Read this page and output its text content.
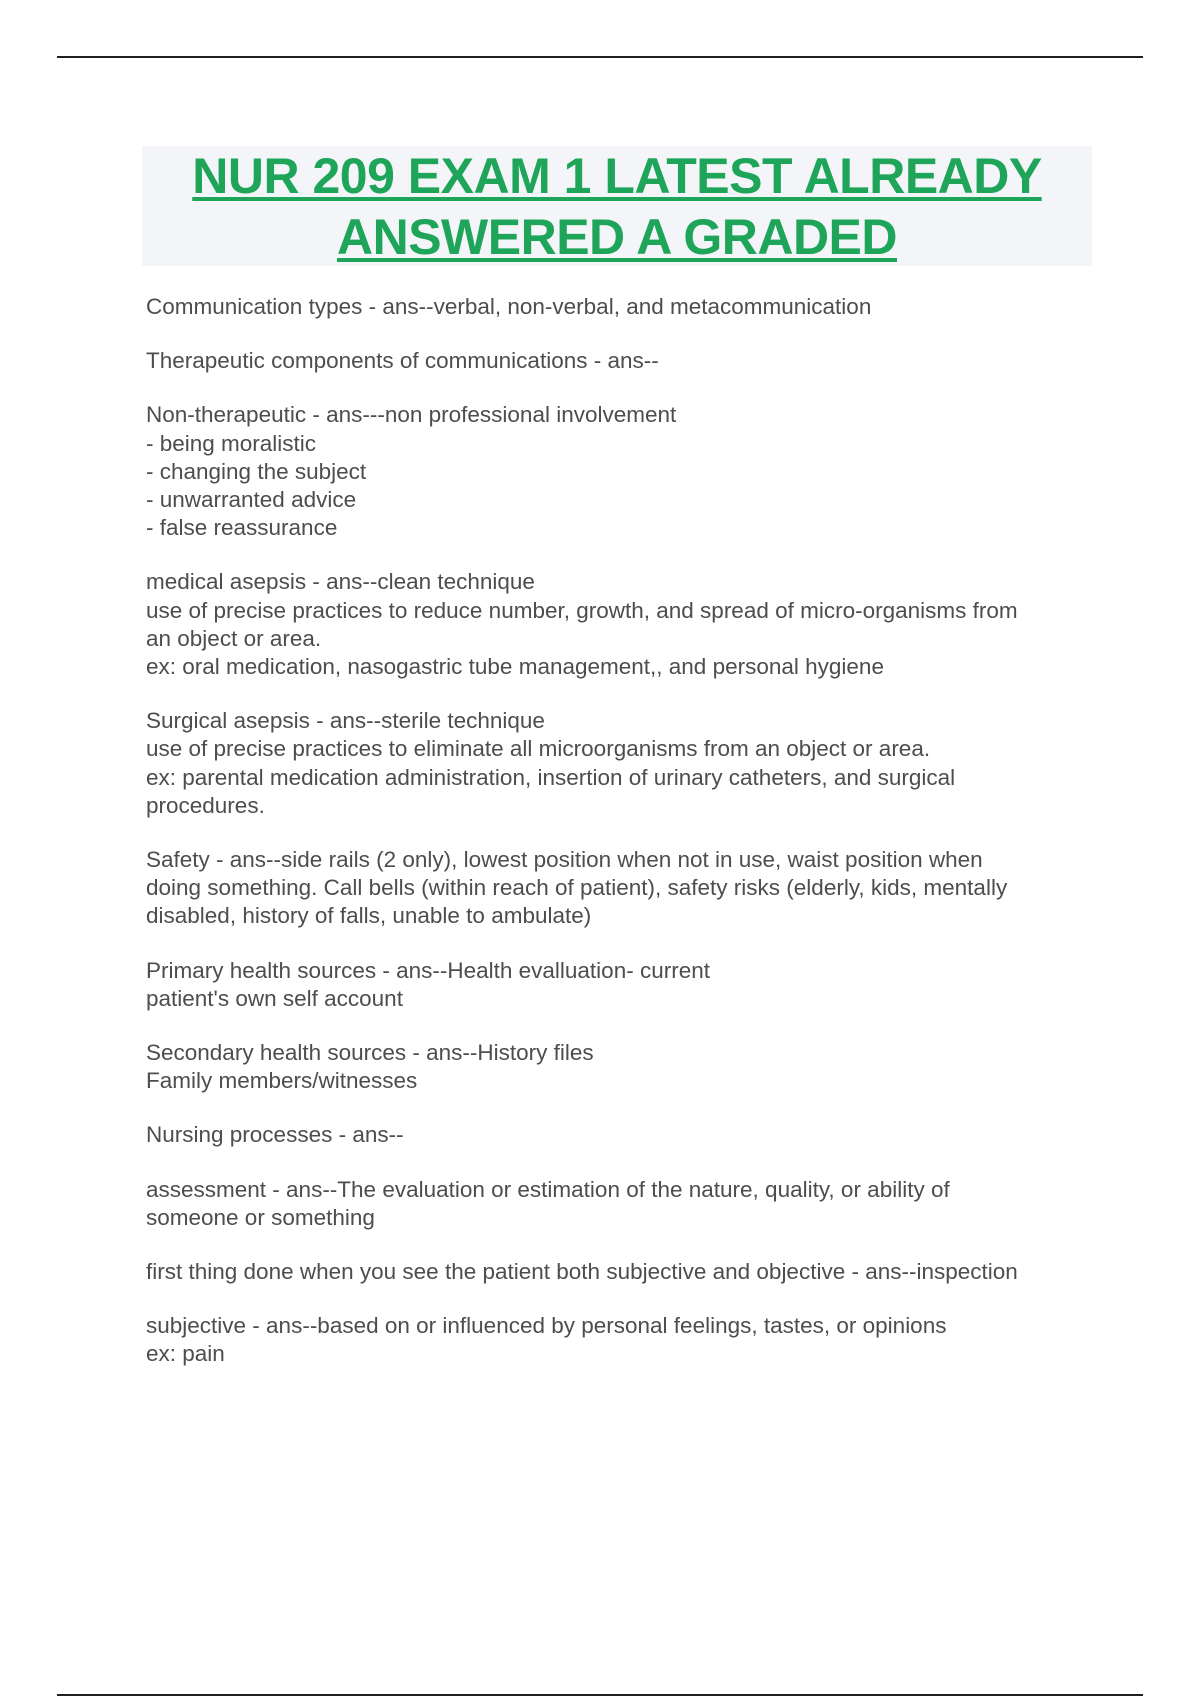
NUR 209 EXAM 1 LATEST ALREADY
ANSWERED A GRADED
Communication types - ans--verbal, non-verbal, and metacommunication
Therapeutic components of communications - ans--
Non-therapeutic - ans---non professional involvement
- being moralistic
- changing the subject
- unwarranted advice
- false reassurance
medical asepsis - ans--clean technique
use of precise practices to reduce number, growth, and spread of micro-organisms from
an object or area.
ex: oral medication, nasogastric tube management,, and personal hygiene
Surgical asepsis - ans--sterile technique
use of precise practices to eliminate all microorganisms from an object or area.
ex: parental medication administration, insertion of urinary catheters, and surgical
procedures.
Safety - ans--side rails (2 only), lowest position when not in use, waist position when
doing something. Call bells (within reach of patient), safety risks (elderly, kids, mentally
disabled, history of falls, unable to ambulate)
Primary health sources - ans--Health evalluation- current
patient's own self account
Secondary health sources - ans--History files
Family members/witnesses
Nursing processes - ans--
assessment - ans--The evaluation or estimation of the nature, quality, or ability of
someone or something
first thing done when you see the patient both subjective and objective - ans--inspection
subjective - ans--based on or influenced by personal feelings, tastes, or opinions
ex: pain
